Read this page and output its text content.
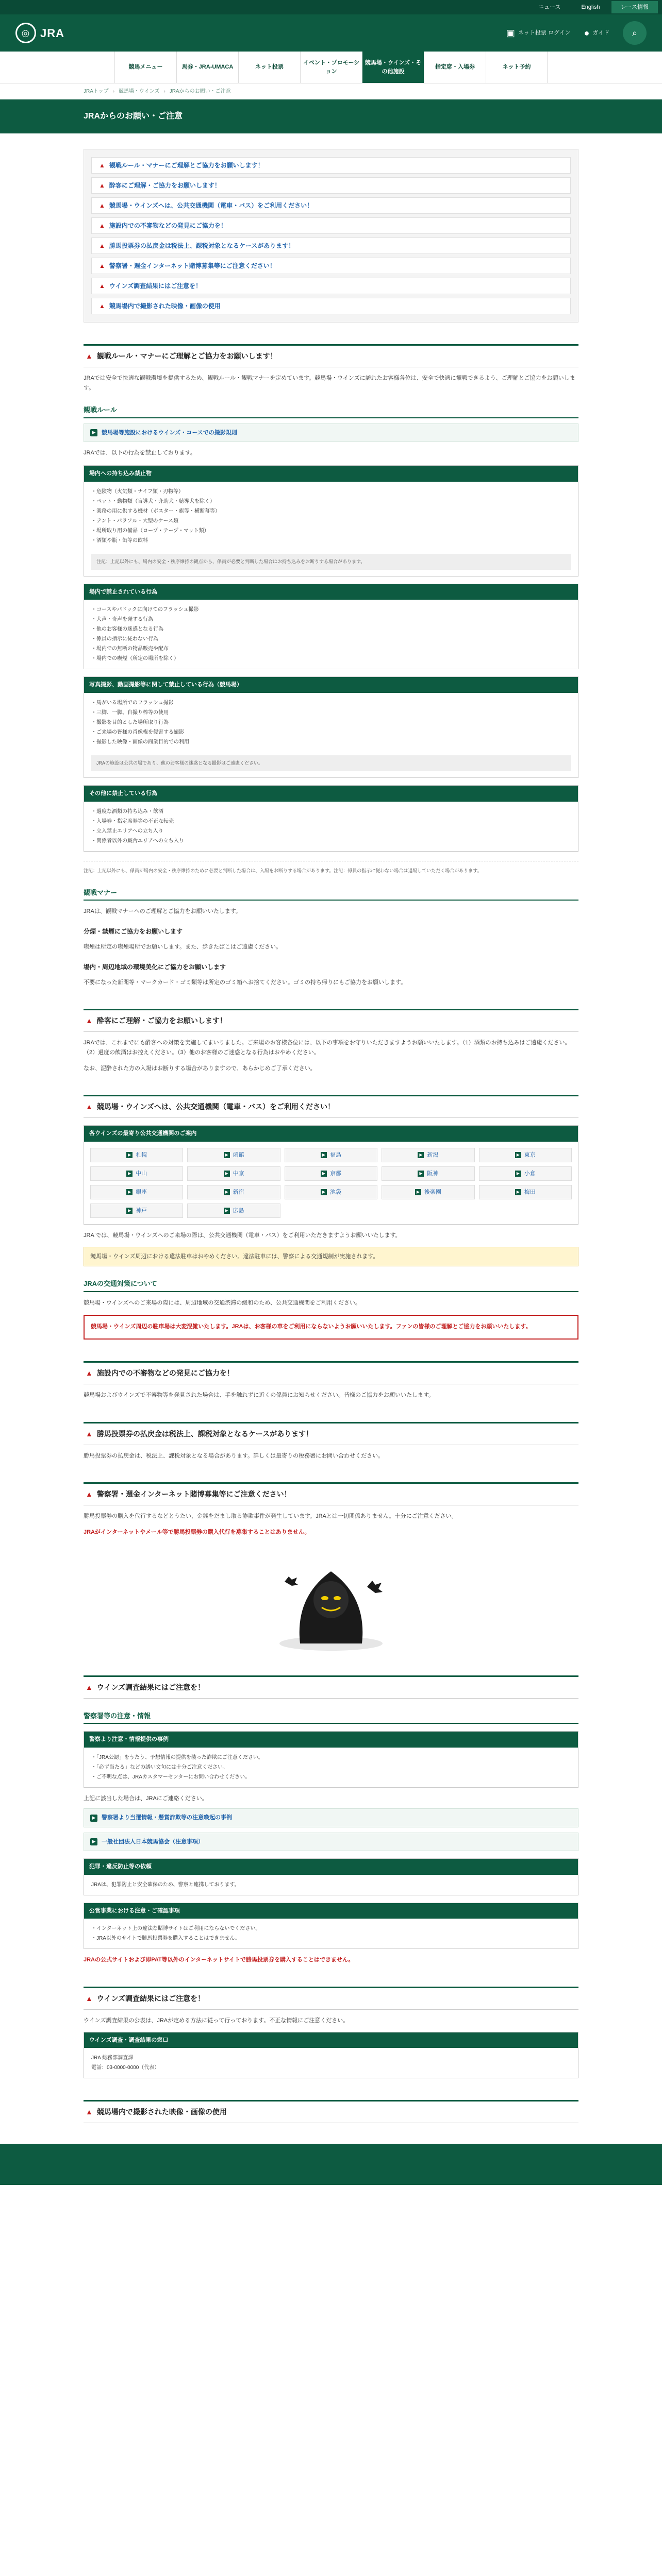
ニュース	English	レース情報
◎ JRA	▣ ネット投票 ログイン ● ガイド ⌕
競馬メニュー	馬券・JRA-UMACA	ネット投票
イベント・プロモーション
競馬場・ウインズ・その他施設
指定席・入場券	ネット予約
JRAトップ › 競馬場・ウインズ › JRAからのお願い・ご注意
JRAからのお願い・ご注意
▲ 観戦ルール・マナーにご理解とご協力をお願いします！
▲ 酔客にご理解・ご協力をお願いします！
▲ 競馬場・ウインズへは、公共交通機関（電車・バス）をご利用ください！
▲ 施設内での不審物などの発見にご協力を！
▲ 勝馬投票券の払戻金は税法上、課税対象となるケースがあります！
▲ 警察署・週金インターネット賭博募集等にご注意ください！
▲ ウインズ調査結果にはご注意を！
▲ 競馬場内で撮影された映像・画像の使用
▲ 観戦ルール・マナーにご理解とご協力をお願いします！

JRAでは安全で快適な観戦環境を提供するため、観戦ルール・観戦マナーを定めています。競馬場・ウインズに訪れたお客様各位は、安全で快適に観戦できるよう、ご理解とご協力をお願いします。

観戦ルール
▶	競馬場等施設におけるウインズ・コースでの撮影規則

JRAでは、以下の行為を禁止しております。

場内への持ち込み禁止物
・危険物（火気類・ナイフ類・刃物等）
・ペット・動物類（盲導犬・介助犬・聴導犬を除く）
・業務の用に供する機材（ポスター・旗等・横断幕等）
・テント・パラソル・大型のケース類
・場所取り用の備品（ロープ・テープ・マット類）
・酒類や瓶・缶等の飲料
注記：上記以外にも、場内の安全・秩序維持の観点から、係員が必要と判断した場合はお持ち込みをお断りする場合があります。
場内で禁止されている行為
・コースやパドックに向けてのフラッシュ撮影
・大声・奇声を発する行為
・他のお客様の迷惑となる行為
・係員の指示に従わない行為
・場内での無断の物品販売や配布
・場内での喫煙（所定の場所を除く）
写真撮影、動画撮影等に関して禁止している行為（競馬場）
・馬がいる場所でのフラッシュ撮影
・三脚、一脚、自撮り棒等の使用
・撮影を目的とした場所取り行為
・ご来場の皆様の肖像権を侵害する撮影
・撮影した映像・画像の商業目的での利用
JRAの施設は公共の場であり、他のお客様の迷惑となる撮影はご遠慮ください。
その他に禁止している行為
・過度な酒類の持ち込み・飲酒
・入場券・指定席券等の不正な転売
・立入禁止エリアへの立ち入り
・関係者以外の厩舎エリアへの立ち入り
注記：上記以外にも、係員が場内の安全・秩序維持のために必要と判断した場合は、入場をお断りする場合があります。注記：係員の指示に従わない場合は退場していただく場合があります。
観戦マナー

JRAは、観戦マナーへのご理解とご協力をお願いいたします。

分煙・禁煙にご協力をお願いします

喫煙は所定の喫煙場所でお願いします。また、歩きたばこはご遠慮ください。

場内・周辺地域の環境美化にご協力をお願いします

不要になった新聞等・マークカード・ゴミ類等は所定のゴミ箱へお捨てください。ゴミの持ち帰りにもご協力をお願いします。

▲ 酔客にご理解・ご協力をお願いします！

JRAでは、これまでにも酔客への対策を実施してまいりました。ご来場のお客様各位には、以下の事項をお守りいただきますようお願いいたします。（1）酒類のお持ち込みはご遠慮ください。（2）過度の飲酒はお控えください。（3）他のお客様のご迷惑となる行為はおやめください。

なお、泥酔された方の入場はお断りする場合がありますので、あらかじめご了承ください。

▲ 競馬場・ウインズへは、公共交通機関（電車・バス）をご利用ください！
各ウインズの最寄り公共交通機関のご案内
▶ 札幌	▶ 函館	▶ 福島	▶ 新潟	▶ 東京
▶ 中山	▶ 中京	▶ 京都	▶ 阪神	▶ 小倉
▶ 銀座	▶ 新宿	▶ 池袋	▶ 後楽園	▶ 梅田
▶ 神戸	▶ 広島

JRA では、競馬場・ウインズへのご来場の際は、公共交通機関（電車・バス）をご利用いただきますようお願いいたします。

競馬場・ウインズ周辺における違法駐車はおやめください。違法駐車には、警察による交通規制が実施されます。
JRAの交通対策について

競馬場・ウインズへのご来場の際には、周辺地域の交通渋滞の緩和のため、公共交通機関をご利用ください。

競馬場・ウインズ周辺の駐車場は大変混雑いたします。JRAは、お客様の車をご利用にならないようお願いいたします。ファンの皆様のご理解とご協力をお願いいたします。
▲ 施設内での不審物などの発見にご協力を！

競馬場およびウインズで不審物等を発見された場合は、手を触れずに近くの係員にお知らせください。皆様のご協力をお願いいたします。

▲ 勝馬投票券の払戻金は税法上、課税対象となるケースがあります！

勝馬投票券の払戻金は、税法上、課税対象となる場合があります。詳しくは最寄りの税務署にお問い合わせください。

▲ 警察署・週金インターネット賭博募集等にご注意ください！

勝馬投票券の購入を代行するなどとうたい、金銭をだまし取る詐欺事件が発生しています。JRAとは一切関係ありません。十分にご注意ください。

JRAがインターネットやメール等で勝馬投票券の購入代行を募集することはありません。

▲ ウインズ調査結果にはご注意を！
警察署等の注意・情報
警察より注意・情報提供の事例
・「JRA公認」をうたう、予想情報の提供を装った詐欺にご注意ください。
・「必ず当たる」などの誘い文句には十分ご注意ください。
・ご不明な点は、JRAカスタマーセンターにお問い合わせください。

上記に該当した場合は、JRAにご連絡ください。

▶	警察署より当選情報・懸賞詐欺等の注意喚起の事例
▶	一般社団法人日本競馬協会（注意事項）
犯罪・違反防止等の依頼
JRAは、犯罪防止と安全確保のため、警察と連携しております。
公営事業における注意・ご確認事項
・インターネット上の違法な賭博サイトはご利用にならないでください。
・JRA以外のサイトで勝馬投票券を購入することはできません。

JRAの公式サイトおよび即PAT等以外のインターネットサイトで勝馬投票券を購入することはできません。

▲ ウインズ調査結果にはご注意を！

ウインズ調査結果の公表は、JRAが定める方法に従って行っております。不正な情報にご注意ください。

ウインズ調査・調査結果の窓口
JRA 総務部調査課
電話：03-0000-0000（代表）
▲ 競馬場内で撮影された映像・画像の使用
